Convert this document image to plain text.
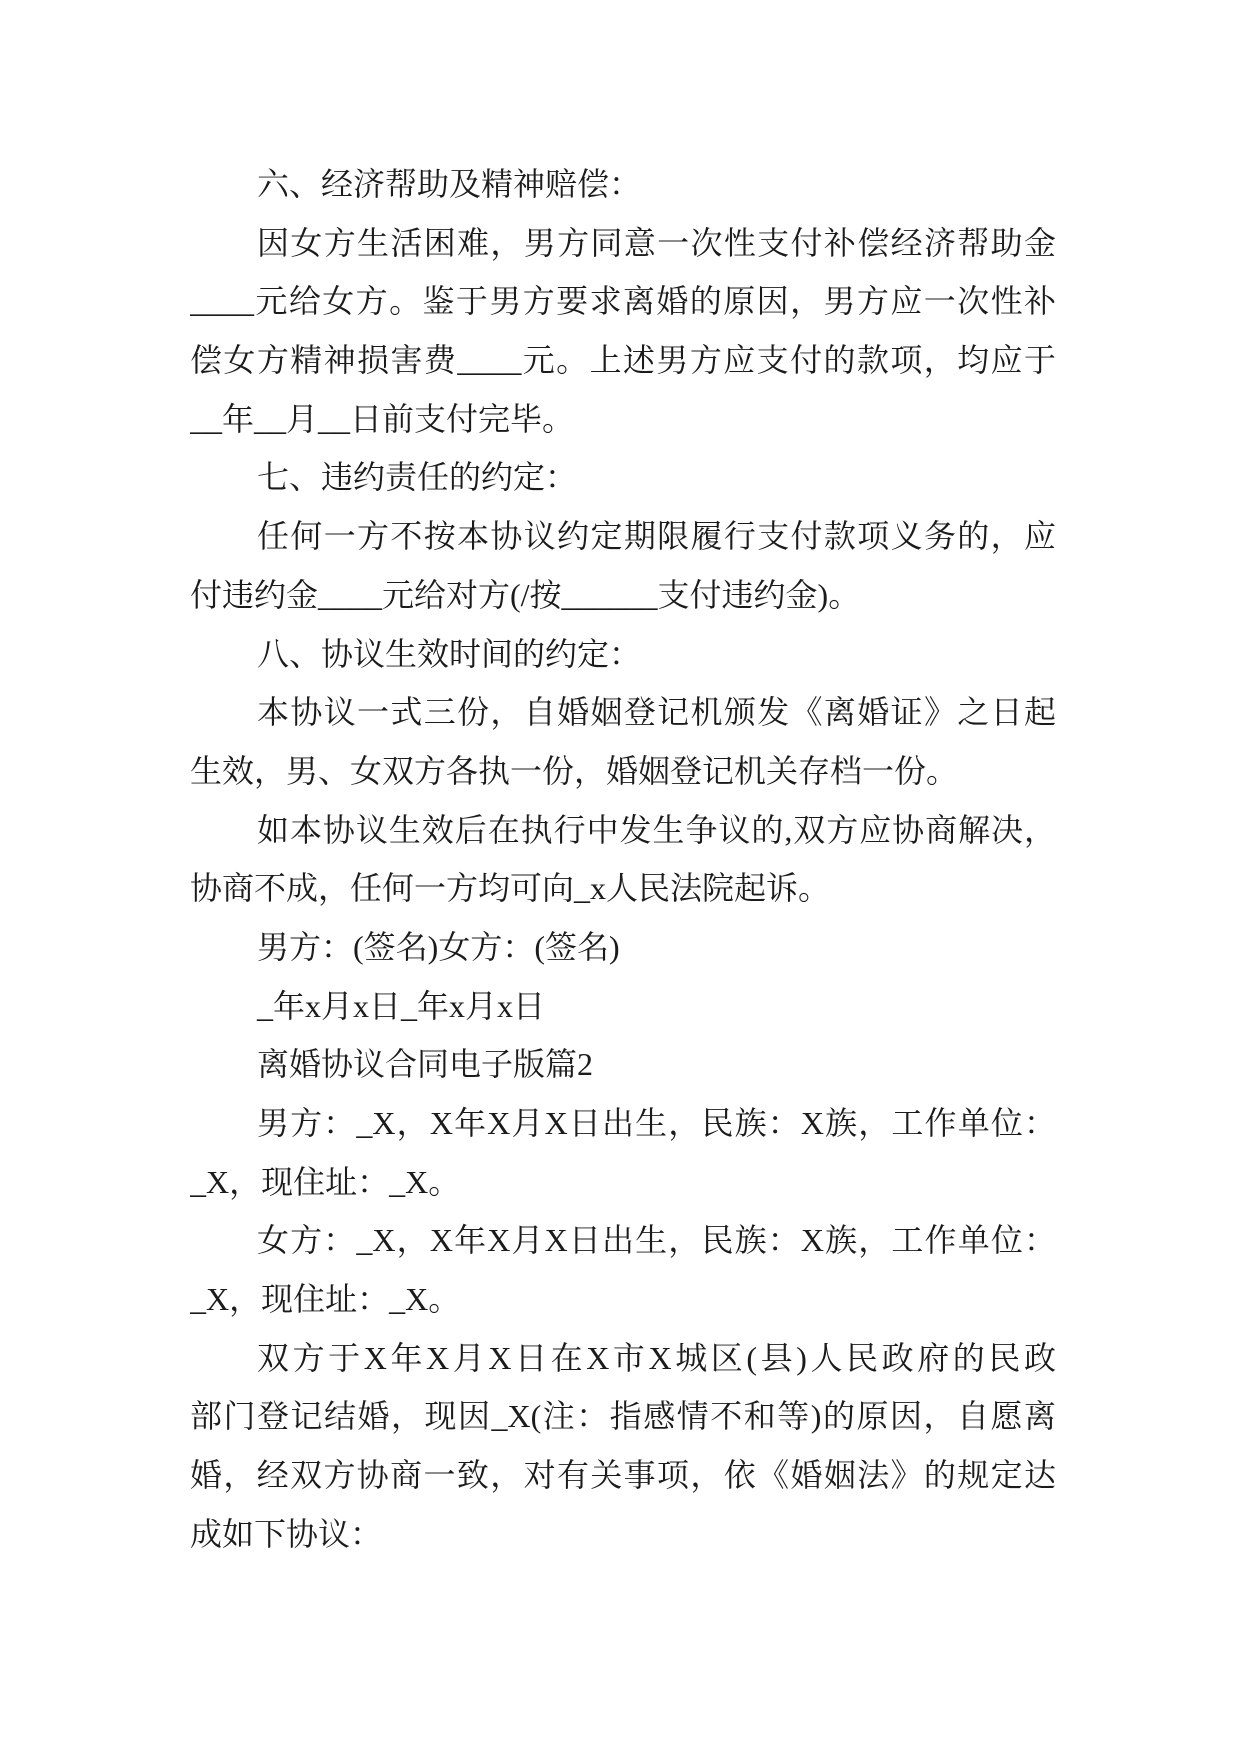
六、经济帮助及精神赔偿：
因女方生活困难，男方同意一次性支付补偿经济帮助金
____元给女方。鉴于男方要求离婚的原因，男方应一次性补
偿女方精神损害费____元。上述男方应支付的款项，均应于
__年__月__日前支付完毕。
七、违约责任的约定：
任何一方不按本协议约定期限履行支付款项义务的，应
付违约金____元给对方(/按______支付违约金)。
八、协议生效时间的约定：
本协议一式三份，自婚姻登记机颁发《离婚证》之日起
生效，男、女双方各执一份，婚姻登记机关存档一份。
如本协议生效后在执行中发生争议的,双方应协商解决，
协商不成，任何一方均可向_x人民法院起诉。
男方：(签名)女方：(签名)
_年x月x日_年x月x日
离婚协议合同电子版篇2
男方：_X，X年X月X日出生，民族：X族，工作单位：
_X，现住址：_X。
女方：_X，X年X月X日出生，民族：X族，工作单位：
_X，现住址：_X。
双方于X年X月X日在X市X城区(县)人民政府的民政
部门登记结婚，现因_X(注：指感情不和等)的原因，自愿离
婚，经双方协商一致，对有关事项，依《婚姻法》的规定达
成如下协议：
